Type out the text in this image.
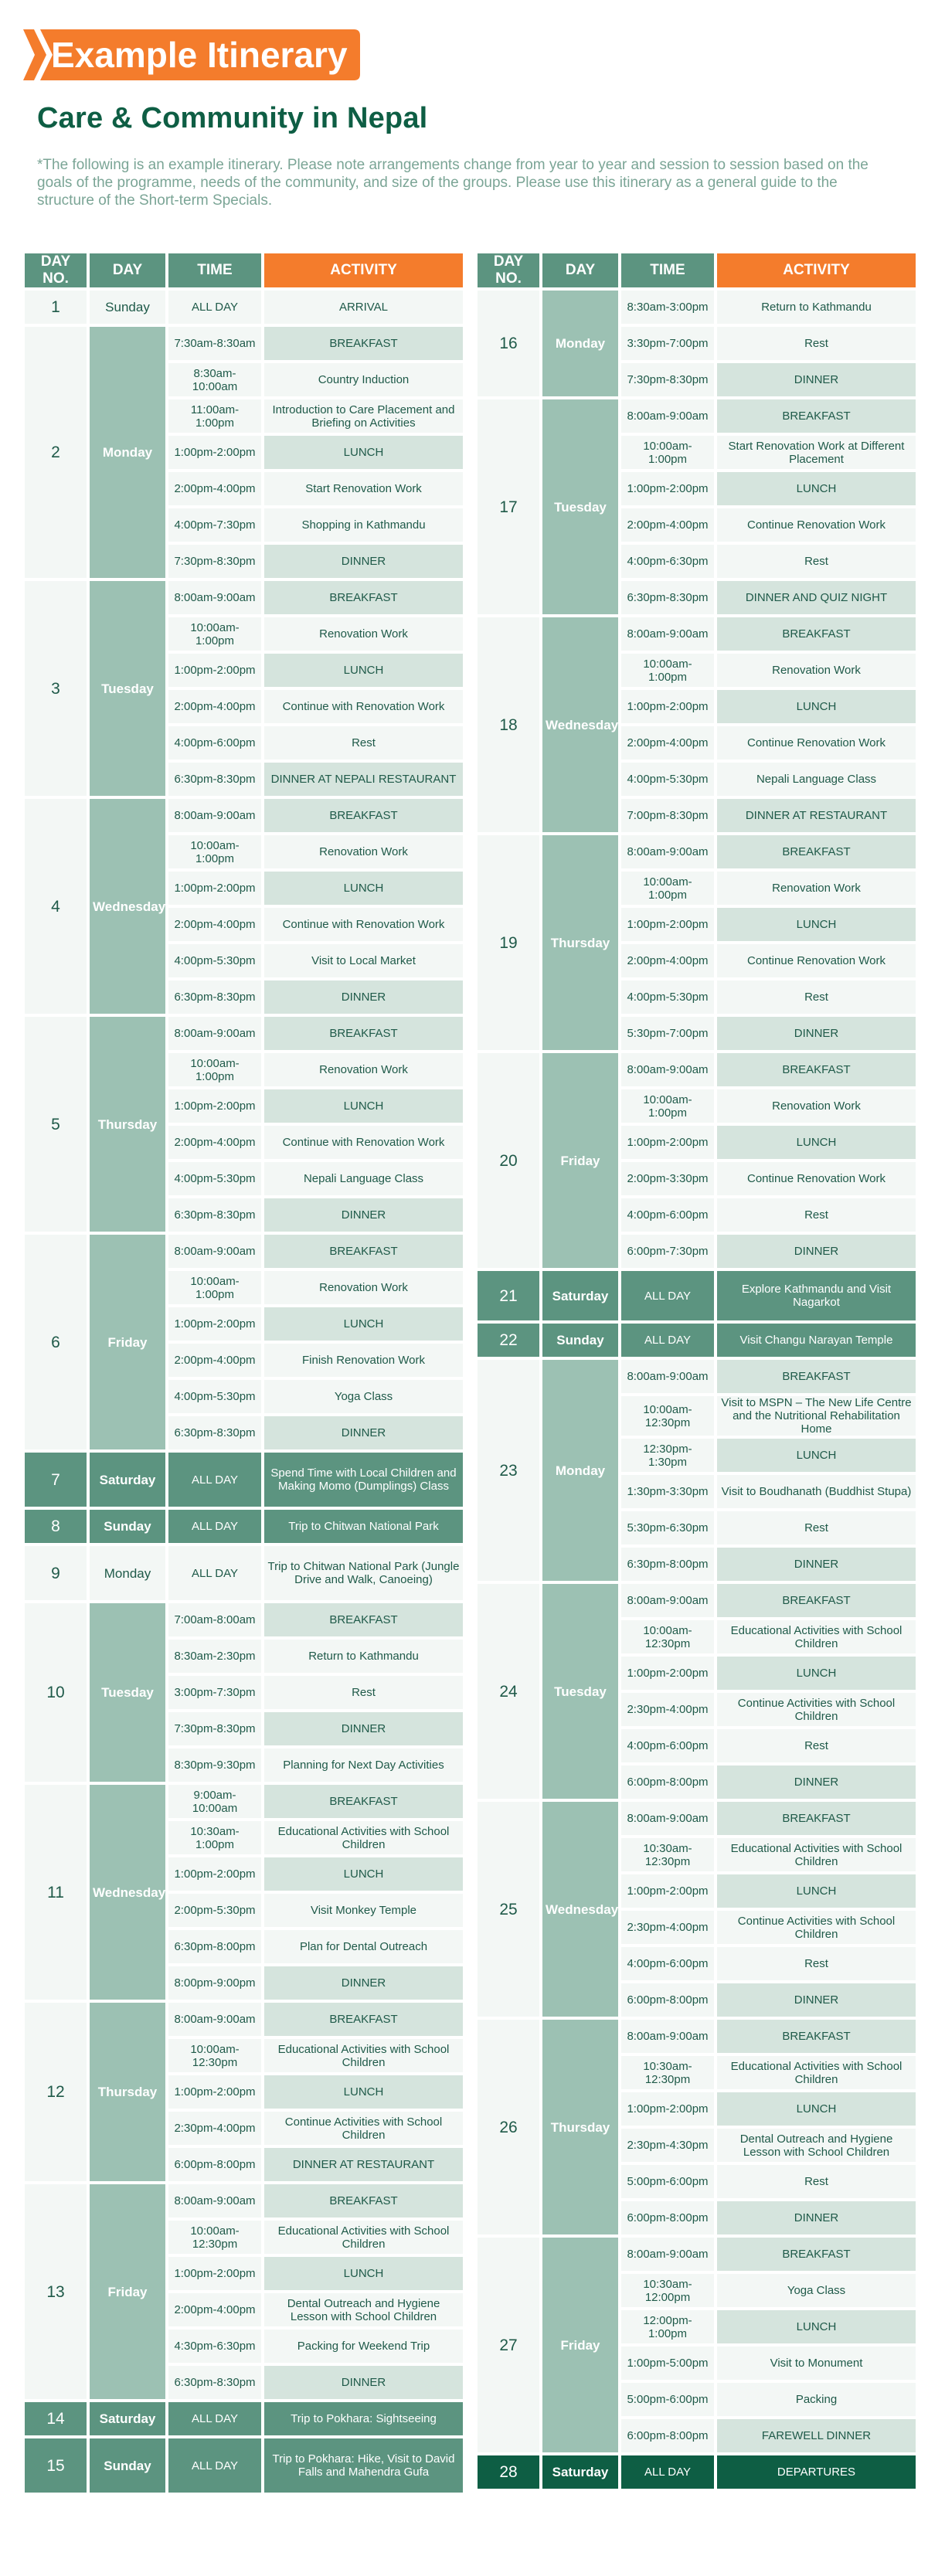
Example Itinerary
Care & Community in Nepal

*The following is an example itinerary. Please note arrangements change from year to year and session to session based on the goals of the programme, needs of the community, and size of the groups. Please use this itinerary as a general guide to the structure of the Short-term Specials.

DAY NO.	DAY	TIME	ACTIVITY
1	Sunday	ALL DAY	ARRIVAL
2	Monday	7:30am-8:30am	BREAKFAST
		8:30am-10:00am	Country Induction
		11:00am-1:00pm	Introduction to Care Placement and Briefing on Activities
		1:00pm-2:00pm	LUNCH
		2:00pm-4:00pm	Start Renovation Work
		4:00pm-7:30pm	Shopping in Kathmandu
		7:30pm-8:30pm	DINNER
3	Tuesday	8:00am-9:00am	BREAKFAST
		10:00am-1:00pm	Renovation Work
		1:00pm-2:00pm	LUNCH
		2:00pm-4:00pm	Continue with Renovation Work
		4:00pm-6:00pm	Rest
		6:30pm-8:30pm	DINNER AT NEPALI RESTAURANT
4	Wednesday	8:00am-9:00am	BREAKFAST
		10:00am-1:00pm	Renovation Work
		1:00pm-2:00pm	LUNCH
		2:00pm-4:00pm	Continue with Renovation Work
		4:00pm-5:30pm	Visit to Local Market
		6:30pm-8:30pm	DINNER
5	Thursday	8:00am-9:00am	BREAKFAST
		10:00am-1:00pm	Renovation Work
		1:00pm-2:00pm	LUNCH
		2:00pm-4:00pm	Continue with Renovation Work
		4:00pm-5:30pm	Nepali Language Class
		6:30pm-8:30pm	DINNER
6	Friday	8:00am-9:00am	BREAKFAST
		10:00am-1:00pm	Renovation Work
		1:00pm-2:00pm	LUNCH
		2:00pm-4:00pm	Finish Renovation Work
		4:00pm-5:30pm	Yoga Class
		6:30pm-8:30pm	DINNER
7	Saturday	ALL DAY	Spend Time with Local Children and Making Momo (Dumplings) Class
8	Sunday	ALL DAY	Trip to Chitwan National Park
9	Monday	ALL DAY	Trip to Chitwan National Park (Jungle Drive and Walk, Canoeing)
10	Tuesday	7:00am-8:00am	BREAKFAST
		8:30am-2:30pm	Return to Kathmandu
		3:00pm-7:30pm	Rest
		7:30pm-8:30pm	DINNER
		8:30pm-9:30pm	Planning for Next Day Activities
11	Wednesday	9:00am-10:00am	BREAKFAST
		10:30am-1:00pm	Educational Activities with School Children
		1:00pm-2:00pm	LUNCH
		2:00pm-5:30pm	Visit Monkey Temple
		6:30pm-8:00pm	Plan for Dental Outreach
		8:00pm-9:00pm	DINNER
12	Thursday	8:00am-9:00am	BREAKFAST
		10:00am-12:30pm	Educational Activities with School Children
		1:00pm-2:00pm	LUNCH
		2:30pm-4:00pm	Continue Activities with School Children
		6:00pm-8:00pm	DINNER AT RESTAURANT
13	Friday	8:00am-9:00am	BREAKFAST
		10:00am-12:30pm	Educational Activities with School Children
		1:00pm-2:00pm	LUNCH
		2:00pm-4:00pm	Dental Outreach and Hygiene Lesson with School Children
		4:30pm-6:30pm	Packing for Weekend Trip
		6:30pm-8:30pm	DINNER
14	Saturday	ALL DAY	Trip to Pokhara: Sightseeing
15	Sunday	ALL DAY	Trip to Pokhara: Hike, Visit to David Falls and Mahendra Gufa
DAY NO.	DAY	TIME	ACTIVITY
16	Monday	8:30am-3:00pm	Return to Kathmandu
		3:30pm-7:00pm	Rest
		7:30pm-8:30pm	DINNER
17	Tuesday	8:00am-9:00am	BREAKFAST
		10:00am-1:00pm	Start Renovation Work at Different Placement
		1:00pm-2:00pm	LUNCH
		2:00pm-4:00pm	Continue Renovation Work
		4:00pm-6:30pm	Rest
		6:30pm-8:30pm	DINNER AND QUIZ NIGHT
18	Wednesday	8:00am-9:00am	BREAKFAST
		10:00am-1:00pm	Renovation Work
		1:00pm-2:00pm	LUNCH
		2:00pm-4:00pm	Continue Renovation Work
		4:00pm-5:30pm	Nepali Language Class
		7:00pm-8:30pm	DINNER AT RESTAURANT
19	Thursday	8:00am-9:00am	BREAKFAST
		10:00am-1:00pm	Renovation Work
		1:00pm-2:00pm	LUNCH
		2:00pm-4:00pm	Continue Renovation Work
		4:00pm-5:30pm	Rest
		5:30pm-7:00pm	DINNER
20	Friday	8:00am-9:00am	BREAKFAST
		10:00am-1:00pm	Renovation Work
		1:00pm-2:00pm	LUNCH
		2:00pm-3:30pm	Continue Renovation Work
		4:00pm-6:00pm	Rest
		6:00pm-7:30pm	DINNER
21	Saturday	ALL DAY	Explore Kathmandu and Visit Nagarkot
22	Sunday	ALL DAY	Visit Changu Narayan Temple
23	Monday	8:00am-9:00am	BREAKFAST
		10:00am-12:30pm	Visit to MSPN – The New Life Centre and the Nutritional Rehabilitation Home
		12:30pm-1:30pm	LUNCH
		1:30pm-3:30pm	Visit to Boudhanath (Buddhist Stupa)
		5:30pm-6:30pm	Rest
		6:30pm-8:00pm	DINNER
24	Tuesday	8:00am-9:00am	BREAKFAST
		10:00am-12:30pm	Educational Activities with School Children
		1:00pm-2:00pm	LUNCH
		2:30pm-4:00pm	Continue Activities with School Children
		4:00pm-6:00pm	Rest
		6:00pm-8:00pm	DINNER
25	Wednesday	8:00am-9:00am	BREAKFAST
		10:30am-12:30pm	Educational Activities with School Children
		1:00pm-2:00pm	LUNCH
		2:30pm-4:00pm	Continue Activities with School Children
		4:00pm-6:00pm	Rest
		6:00pm-8:00pm	DINNER
26	Thursday	8:00am-9:00am	BREAKFAST
		10:30am-12:30pm	Educational Activities with School Children
		1:00pm-2:00pm	LUNCH
		2:30pm-4:30pm	Dental Outreach and Hygiene Lesson with School Children
		5:00pm-6:00pm	Rest
		6:00pm-8:00pm	DINNER
27	Friday	8:00am-9:00am	BREAKFAST
		10:30am-12:00pm	Yoga Class
		12:00pm-1:00pm	LUNCH
		1:00pm-5:00pm	Visit to Monument
		5:00pm-6:00pm	Packing
		6:00pm-8:00pm	FAREWELL DINNER
28	Saturday	ALL DAY	DEPARTURES
